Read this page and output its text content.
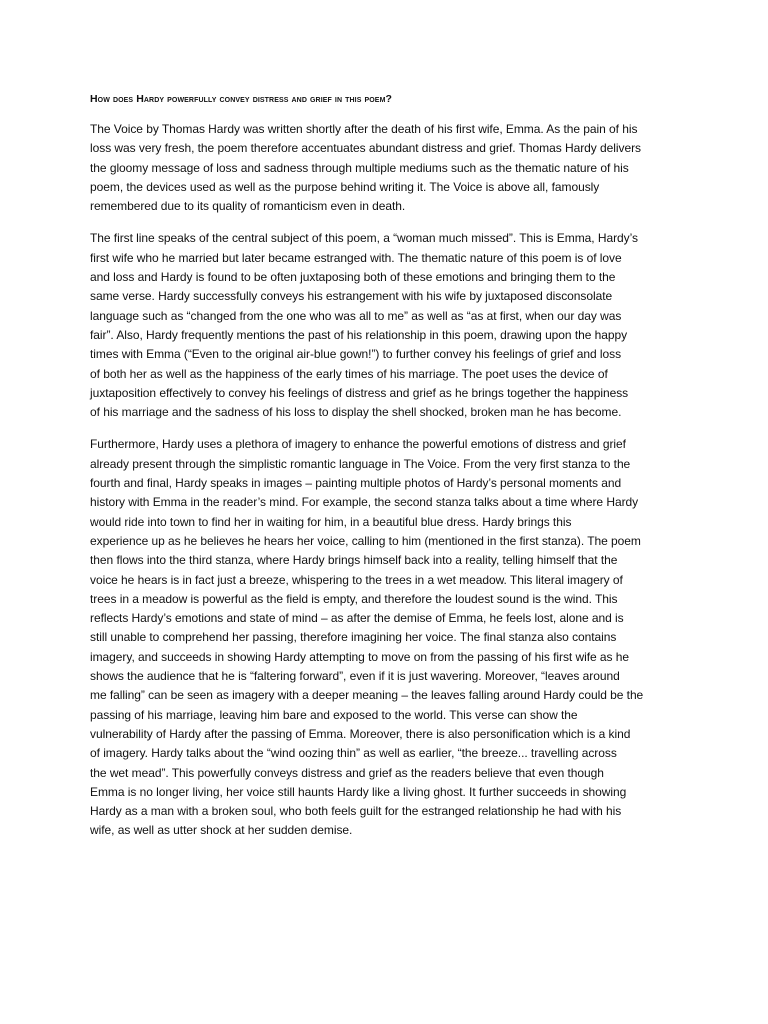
How does Hardy powerfully convey distress and grief in this poem?
The Voice by Thomas Hardy was written shortly after the death of his first wife, Emma. As the pain of his
loss was very fresh, the poem therefore accentuates abundant distress and grief. Thomas Hardy delivers
the gloomy message of loss and sadness through multiple mediums such as the thematic nature of his
poem, the devices used as well as the purpose behind writing it. The Voice is above all, famously
remembered due to its quality of romanticism even in death.
The first line speaks of the central subject of this poem, a “woman much missed”. This is Emma, Hardy’s
first wife who he married but later became estranged with. The thematic nature of this poem is of love
and loss and Hardy is found to be often juxtaposing both of these emotions and bringing them to the
same verse. Hardy successfully conveys his estrangement with his wife by juxtaposed disconsolate
language such as “changed from the one who was all to me” as well as “as at first, when our day was
fair”. Also, Hardy frequently mentions the past of his relationship in this poem, drawing upon the happy
times with Emma (“Even to the original air-blue gown!”) to further convey his feelings of grief and loss
of both her as well as the happiness of the early times of his marriage. The poet uses the device of
juxtaposition effectively to convey his feelings of distress and grief as he brings together the happiness
of his marriage and the sadness of his loss to display the shell shocked, broken man he has become.
Furthermore, Hardy uses a plethora of imagery to enhance the powerful emotions of distress and grief
already present through the simplistic romantic language in The Voice. From the very first stanza to the
fourth and final, Hardy speaks in images – painting multiple photos of Hardy’s personal moments and
history with Emma in the reader’s mind. For example, the second stanza talks about a time where Hardy
would ride into town to find her in waiting for him, in a beautiful blue dress. Hardy brings this
experience up as he believes he hears her voice, calling to him (mentioned in the first stanza). The poem
then flows into the third stanza, where Hardy brings himself back into a reality, telling himself that the
voice he hears is in fact just a breeze, whispering to the trees in a wet meadow. This literal imagery of
trees in a meadow is powerful as the field is empty, and therefore the loudest sound is the wind. This
reflects Hardy’s emotions and state of mind – as after the demise of Emma, he feels lost, alone and is
still unable to comprehend her passing, therefore imagining her voice. The final stanza also contains
imagery, and succeeds in showing Hardy attempting to move on from the passing of his first wife as he
shows the audience that he is “faltering forward”, even if it is just wavering. Moreover, “leaves around
me falling” can be seen as imagery with a deeper meaning – the leaves falling around Hardy could be the
passing of his marriage, leaving him bare and exposed to the world. This verse can show the
vulnerability of Hardy after the passing of Emma. Moreover, there is also personification which is a kind
of imagery. Hardy talks about the “wind oozing thin” as well as earlier, “the breeze... travelling across
the wet mead”. This powerfully conveys distress and grief as the readers believe that even though
Emma is no longer living, her voice still haunts Hardy like a living ghost. It further succeeds in showing
Hardy as a man with a broken soul, who both feels guilt for the estranged relationship he had with his
wife, as well as utter shock at her sudden demise.
